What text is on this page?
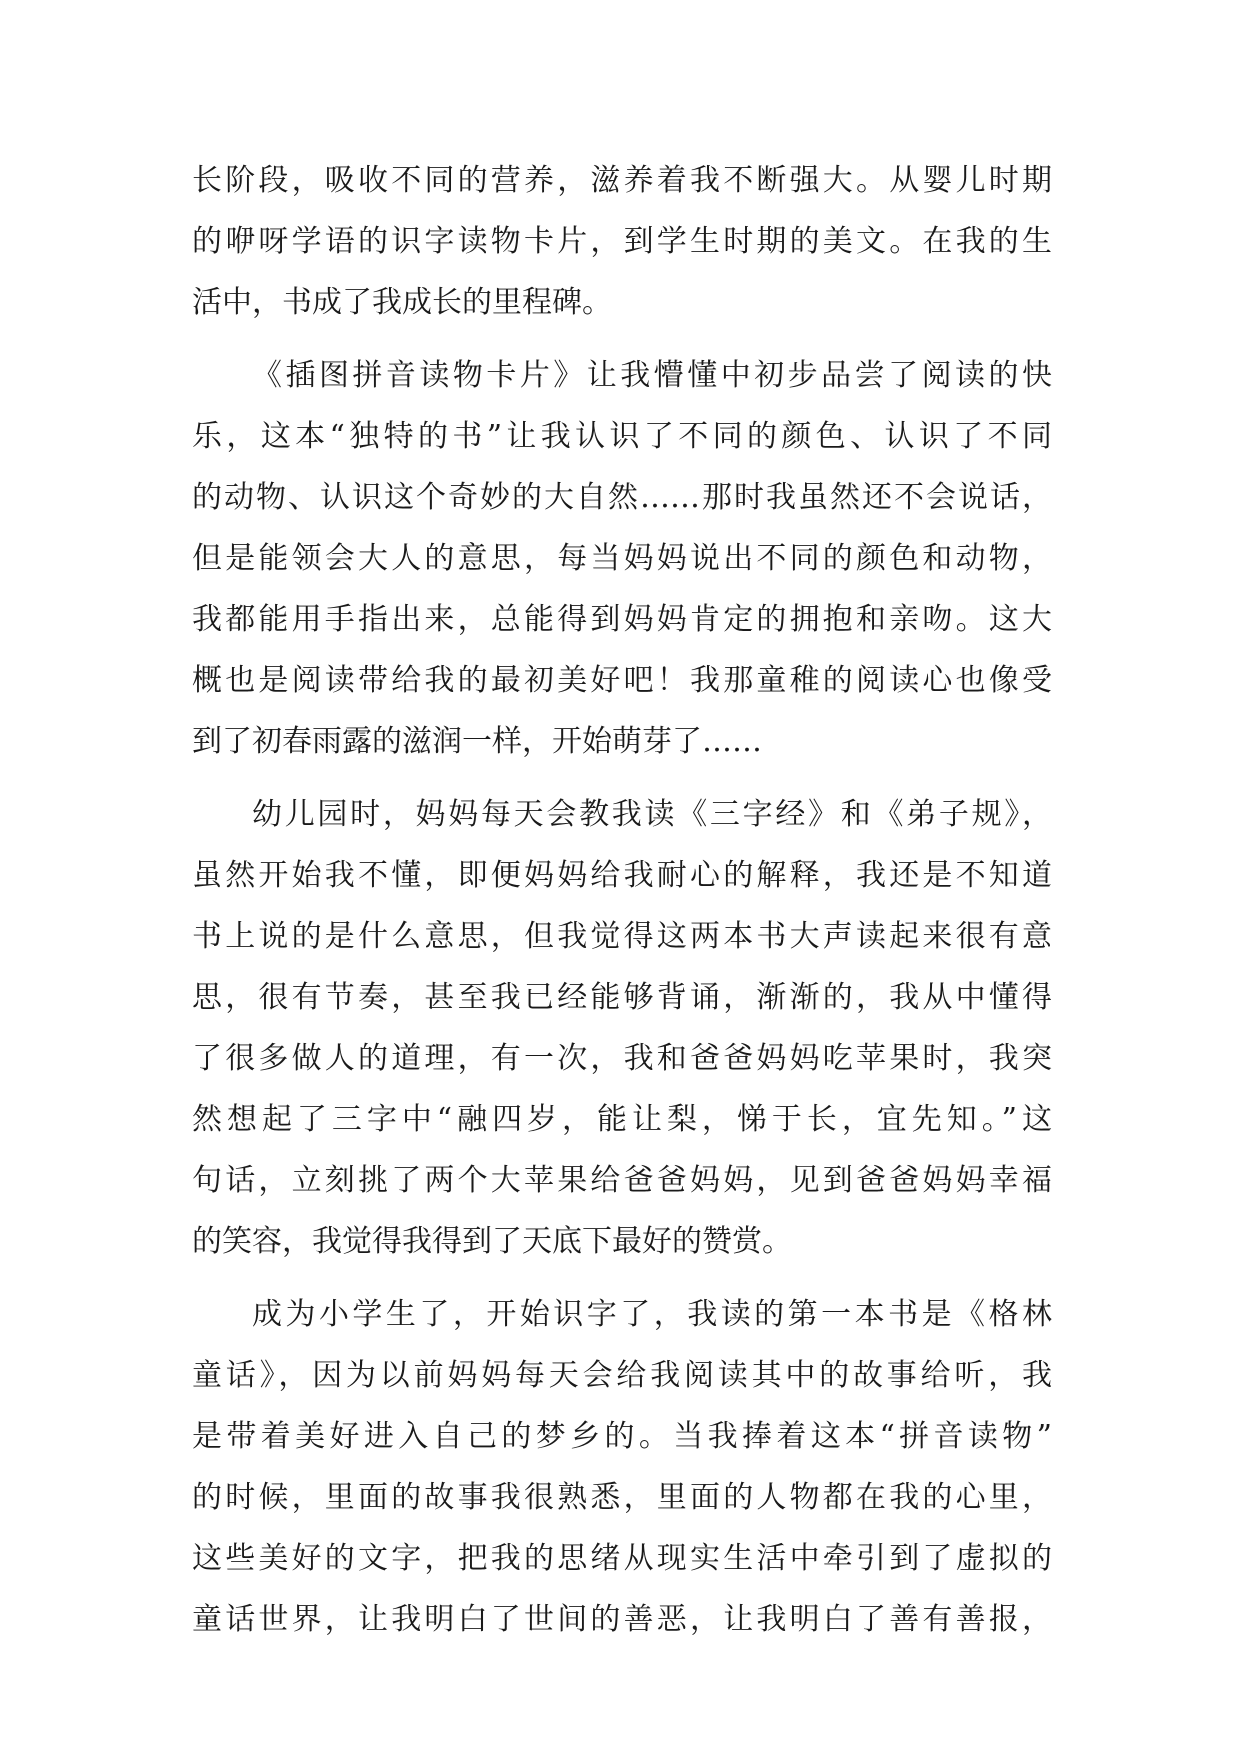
长阶段，吸收不同的营养，滋养着我不断强大。从婴儿时期
的咿呀学语的识字读物卡片，到学生时期的美文。在我的生
活中，书成了我成长的里程碑。
《插图拼音读物卡片》让我懵懂中初步品尝了阅读的快
乐，这本“独特的书”让我认识了不同的颜色、认识了不同
的动物、认识这个奇妙的大自然……那时我虽然还不会说话，
但是能领会大人的意思，每当妈妈说出不同的颜色和动物，
我都能用手指出来，总能得到妈妈肯定的拥抱和亲吻。这大
概也是阅读带给我的最初美好吧！我那童稚的阅读心也像受
到了初春雨露的滋润一样，开始萌芽了……
幼儿园时，妈妈每天会教我读《三字经》和《弟子规》，
虽然开始我不懂，即便妈妈给我耐心的解释，我还是不知道
书上说的是什么意思，但我觉得这两本书大声读起来很有意
思，很有节奏，甚至我已经能够背诵，渐渐的，我从中懂得
了很多做人的道理，有一次，我和爸爸妈妈吃苹果时，我突
然想起了三字中“融四岁，能让梨，悌于长，宜先知。”这
句话，立刻挑了两个大苹果给爸爸妈妈，见到爸爸妈妈幸福
的笑容，我觉得我得到了天底下最好的赞赏。
成为小学生了，开始识字了，我读的第一本书是《格林
童话》，因为以前妈妈每天会给我阅读其中的故事给听，我
是带着美好进入自己的梦乡的。当我捧着这本“拼音读物”
的时候，里面的故事我很熟悉，里面的人物都在我的心里，
这些美好的文字，把我的思绪从现实生活中牵引到了虚拟的
童话世界，让我明白了世间的善恶，让我明白了善有善报，
